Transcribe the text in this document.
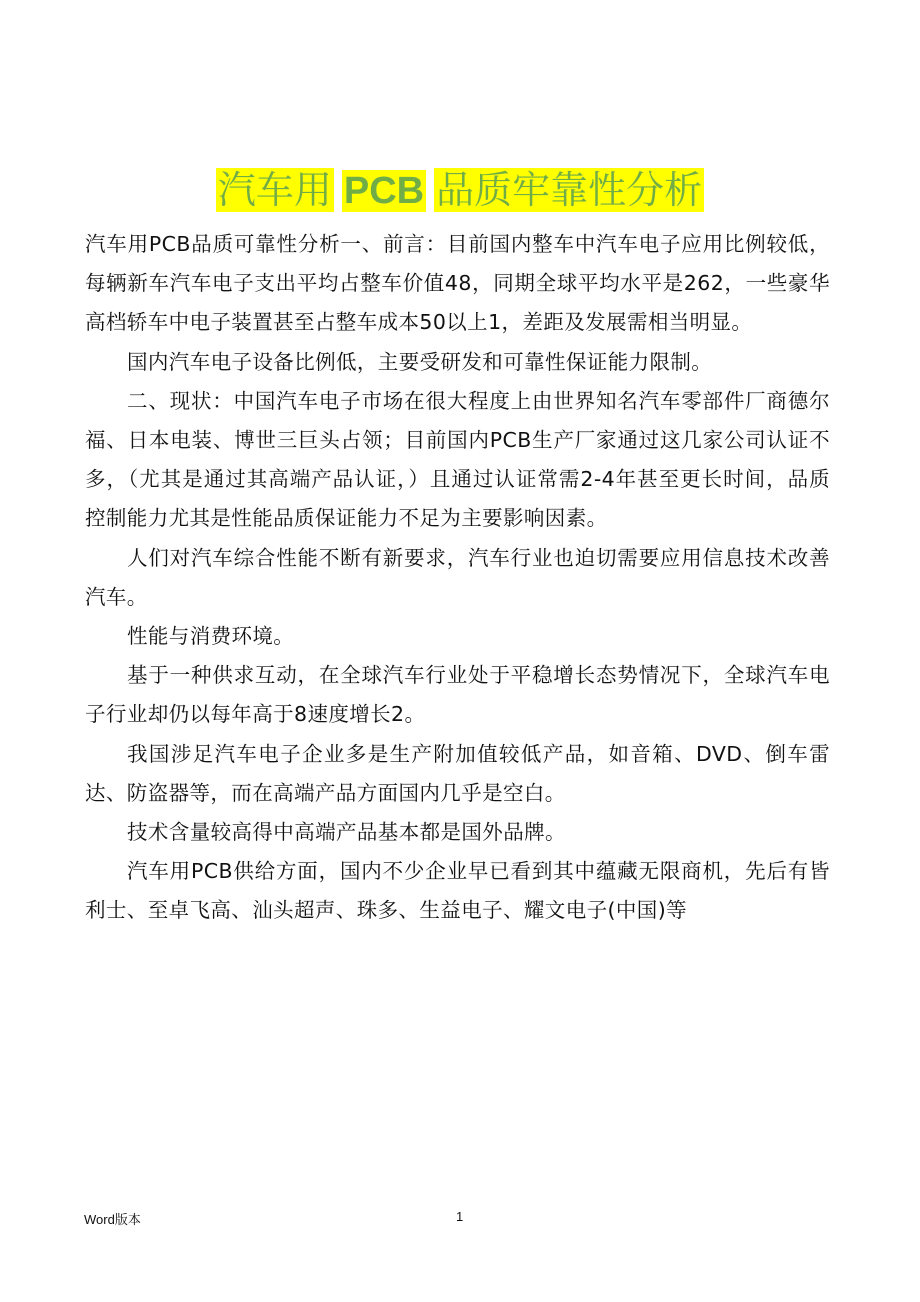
汽车用 PCB 品质牢靠性分析

汽车用PCB品质可靠性分析一、前言：目前国内整车中汽车电子应用比例较低，每辆新车汽车电子支出平均占整车价值48，同期全球平均水平是262，一些豪华高档轿车中电子装置甚至占整车成本50以上1，差距及发展需相当明显。

国内汽车电子设备比例低，主要受研发和可靠性保证能力限制。

二、现状：中国汽车电子市场在很大程度上由世界知名汽车零部件厂商德尔福、日本电装、博世三巨头占领；目前国内PCB生产厂家通过这几家公司认证不多，（尤其是通过其高端产品认证，）且通过认证常需2-4年甚至更长时间，品质控制能力尤其是性能品质保证能力不足为主要影响因素。

人们对汽车综合性能不断有新要求，汽车行业也迫切需要应用信息技术改善汽车。

性能与消费环境。

基于一种供求互动，在全球汽车行业处于平稳增长态势情况下，全球汽车电子行业却仍以每年高于8速度增长2。

我国涉足汽车电子企业多是生产附加值较低产品，如音箱、DVD、倒车雷达、防盗器等，而在高端产品方面国内几乎是空白。

技术含量较高得中高端产品基本都是国外品牌。

汽车用PCB供给方面，国内不少企业早已看到其中蕴藏无限商机，先后有皆利士、至卓飞高、汕头超声、珠多、生益电子、耀文电子(中国)等

Word版本	1
